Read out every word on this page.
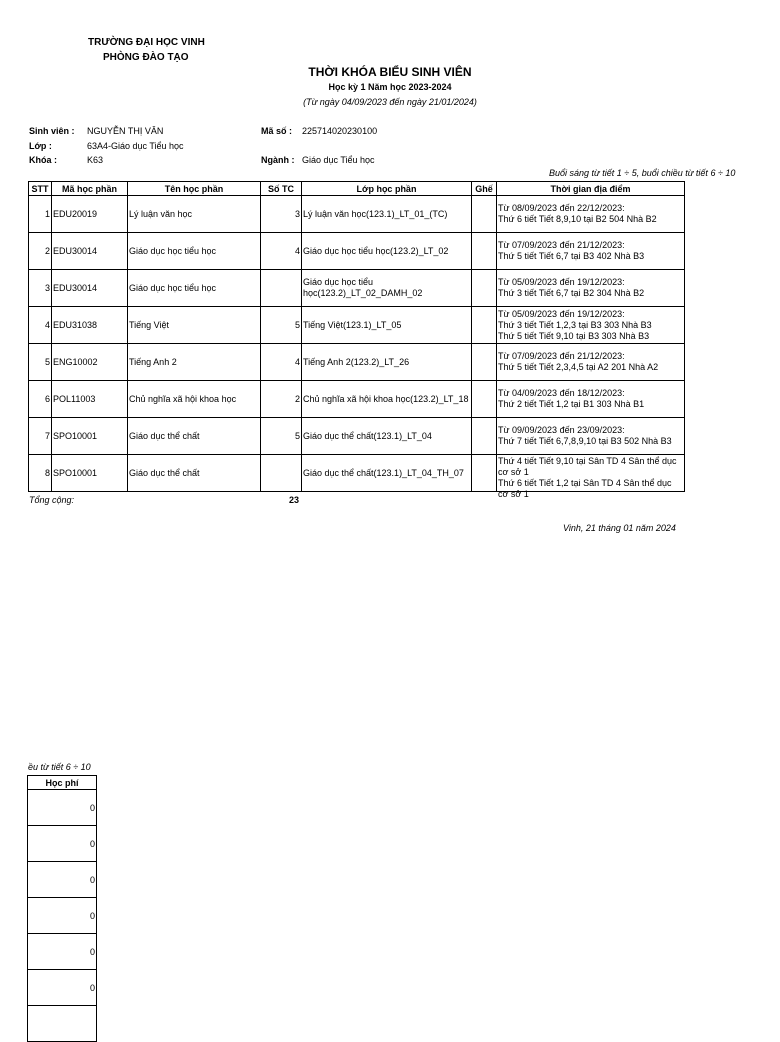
TRƯỜNG ĐẠI HỌC VINH
PHÒNG ĐÀO TẠO
THỜI KHÓA BIỂU SINH VIÊN
Học kỳ 1 Năm học 2023-2024
(Từ ngày 04/09/2023 đến ngày 21/01/2024)
Sinh viên : NGUYỄN THỊ VÂN	Mã số : 225714020230100
Lớp :	63A4-Giáo dục Tiểu học
Khóa :	K63	Ngành : Giáo dục Tiểu học
Buổi sáng từ tiết 1 ÷ 5, buổi chiều từ tiết 6 ÷ 10
STT	Mã học phần	Tên học phần	Số TC	Lớp học phần	Ghế	Thời gian địa điểm
1	EDU20019	Lý luận văn học	3	Lý luận văn học(123.1)_LT_01_(TC)		Từ 08/09/2023 đến 22/12/2023:
Thứ 6 tiết Tiết 8,9,10 tại B2 504 Nhà B2

2	EDU30014	Giáo dục học tiểu học	4	Giáo dục học tiểu học(123.2)_LT_02		Từ 07/09/2023 đến 21/12/2023:
Thứ 5 tiết Tiết 6,7 tại B3 402 Nhà B3

3	EDU30014	Giáo dục học tiểu học		Giáo dục học tiểu học(123.2)_LT_02_DAMH_02		Từ 05/09/2023 đến 19/12/2023:
Thứ 3 tiết Tiết 6,7 tại B2 304 Nhà B2

4	EDU31038	Tiếng Việt	5	Tiếng Việt(123.1)_LT_05		Từ 05/09/2023 đến 19/12/2023:
Thứ 3 tiết Tiết 1,2,3 tại B3 303 Nhà B3
Thứ 5 tiết Tiết 9,10 tại B3 303 Nhà B3

5	ENG10002	Tiếng Anh 2	4	Tiếng Anh 2(123.2)_LT_26		Từ 07/09/2023 đến 21/12/2023:
Thứ 5 tiết Tiết 2,3,4,5 tại A2 201 Nhà A2

6	POL11003	Chủ nghĩa xã hội khoa học	2	Chủ nghĩa xã hội khoa học(123.2)_LT_18		Từ 04/09/2023 đến 18/12/2023:
Thứ 2 tiết Tiết 1,2 tại B1 303 Nhà B1

7	SPO10001	Giáo dục thể chất	5	Giáo dục thể chất(123.1)_LT_04		Từ 09/09/2023 đến 23/09/2023:
Thứ 7 tiết Tiết 6,7,8,9,10 tại B3 502 Nhà B3

8	SPO10001	Giáo dục thể chất		Giáo dục thể chất(123.1)_LT_04_TH_07		Thứ 4 tiết Tiết 9,10 tại Sân TD 4 Sân thể dục cơ sở 1
Thứ 6 tiết Tiết 1,2 tại Sân TD 4 Sân thể dục cơ sở 1
Tổng cộng:	23
Vinh, 21 tháng 01 năm 2024
ều từ tiết 6 ÷ 10
Học phí
0
0
0
0
0
0
